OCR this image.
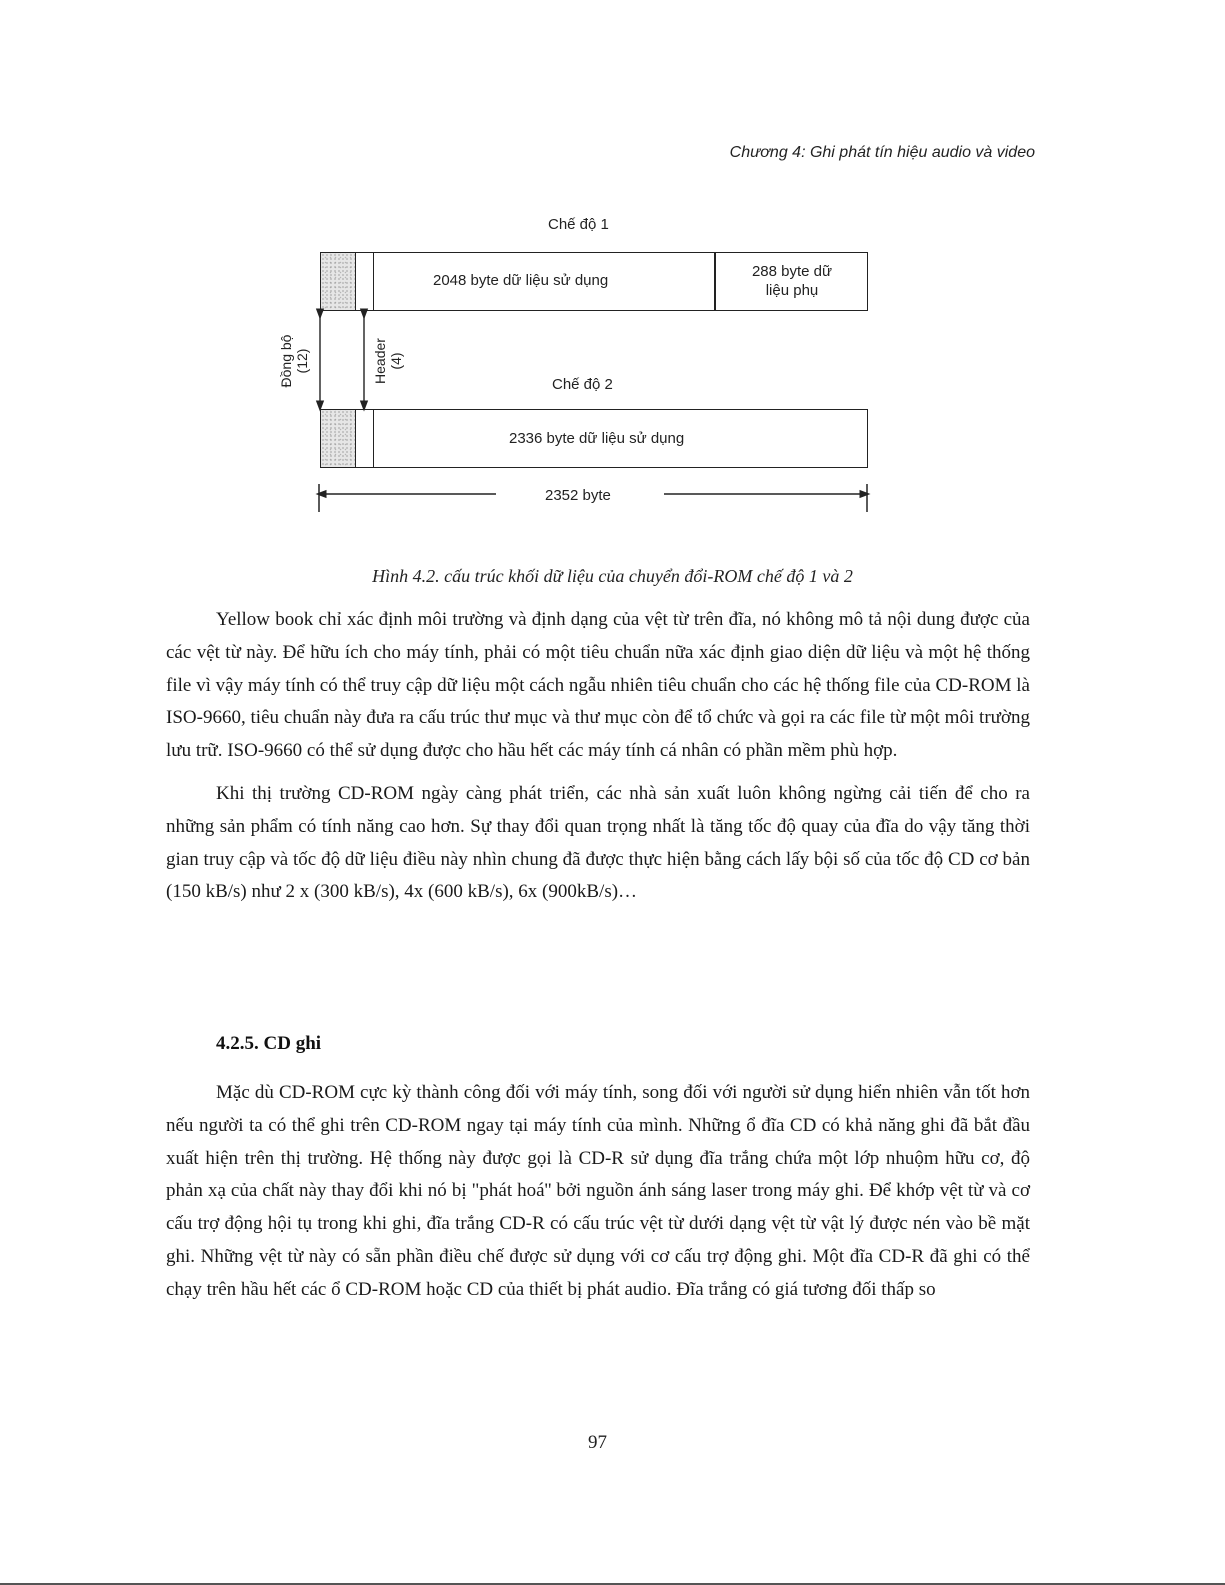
Chương 4: Ghi phát tín hiệu audio và video
Chế độ 1
2048 byte dữ liệu sử dụng
288 byte dữ
liệu phụ
Đồng bộ (12)	Header (4)
Chế độ 2
2336 byte dữ liệu sử dụng
2352 byte
Hình 4.2. cấu trúc khối dữ liệu của chuyển đổi-ROM chế độ 1 và 2

Yellow book chỉ xác định môi trường và định dạng của vệt từ trên đĩa, nó không mô tả nội dung được của các vệt từ này. Để hữu ích cho máy tính, phải có một tiêu chuẩn nữa xác định giao diện dữ liệu và một hệ thống file vì vậy máy tính có thể truy cập dữ liệu một cách ngẫu nhiên tiêu chuẩn cho các hệ thống file của CD-ROM là ISO-9660, tiêu chuẩn này đưa ra cấu trúc thư mục và thư mục còn để tổ chức và gọi ra các file từ một môi trường lưu trữ. ISO-9660 có thể sử dụng được cho hầu hết các máy tính cá nhân có phần mềm phù hợp.

Khi thị trường CD-ROM ngày càng phát triển, các nhà sản xuất luôn không ngừng cải tiến để cho ra những sản phẩm có tính năng cao hơn. Sự thay đổi quan trọng nhất là tăng tốc độ quay của đĩa do vậy tăng thời gian truy cập và tốc độ dữ liệu điều này nhìn chung đã được thực hiện bằng cách lấy bội số của tốc độ CD cơ bản (150 kB/s) như 2 x (300 kB/s), 4x (600 kB/s), 6x (900kB/s)…

4.2.5. CD ghi

Mặc dù CD-ROM cực kỳ thành công đối với máy tính, song đối với người sử dụng hiển nhiên vẫn tốt hơn nếu người ta có thể ghi trên CD-ROM ngay tại máy tính của mình. Những ổ đĩa CD có khả năng ghi đã bắt đầu xuất hiện trên thị trường. Hệ thống này được gọi là CD-R sử dụng đĩa trắng chứa một lớp nhuộm hữu cơ, độ phản xạ của chất này thay đổi khi nó bị "phát hoá'' bởi nguồn ánh sáng laser trong máy ghi. Để khớp vệt từ và cơ cấu trợ động hội tụ trong khi ghi, đĩa trắng CD-R có cấu trúc vệt từ dưới dạng vệt từ vật lý được nén vào bề mặt ghi. Những vệt từ này có sẵn phần điều chế được sử dụng với cơ cấu trợ động ghi. Một đĩa CD-R đã ghi có thể chạy trên hầu hết các ổ CD-ROM hoặc CD của thiết bị phát audio. Đĩa trắng có giá tương đối thấp so

97
